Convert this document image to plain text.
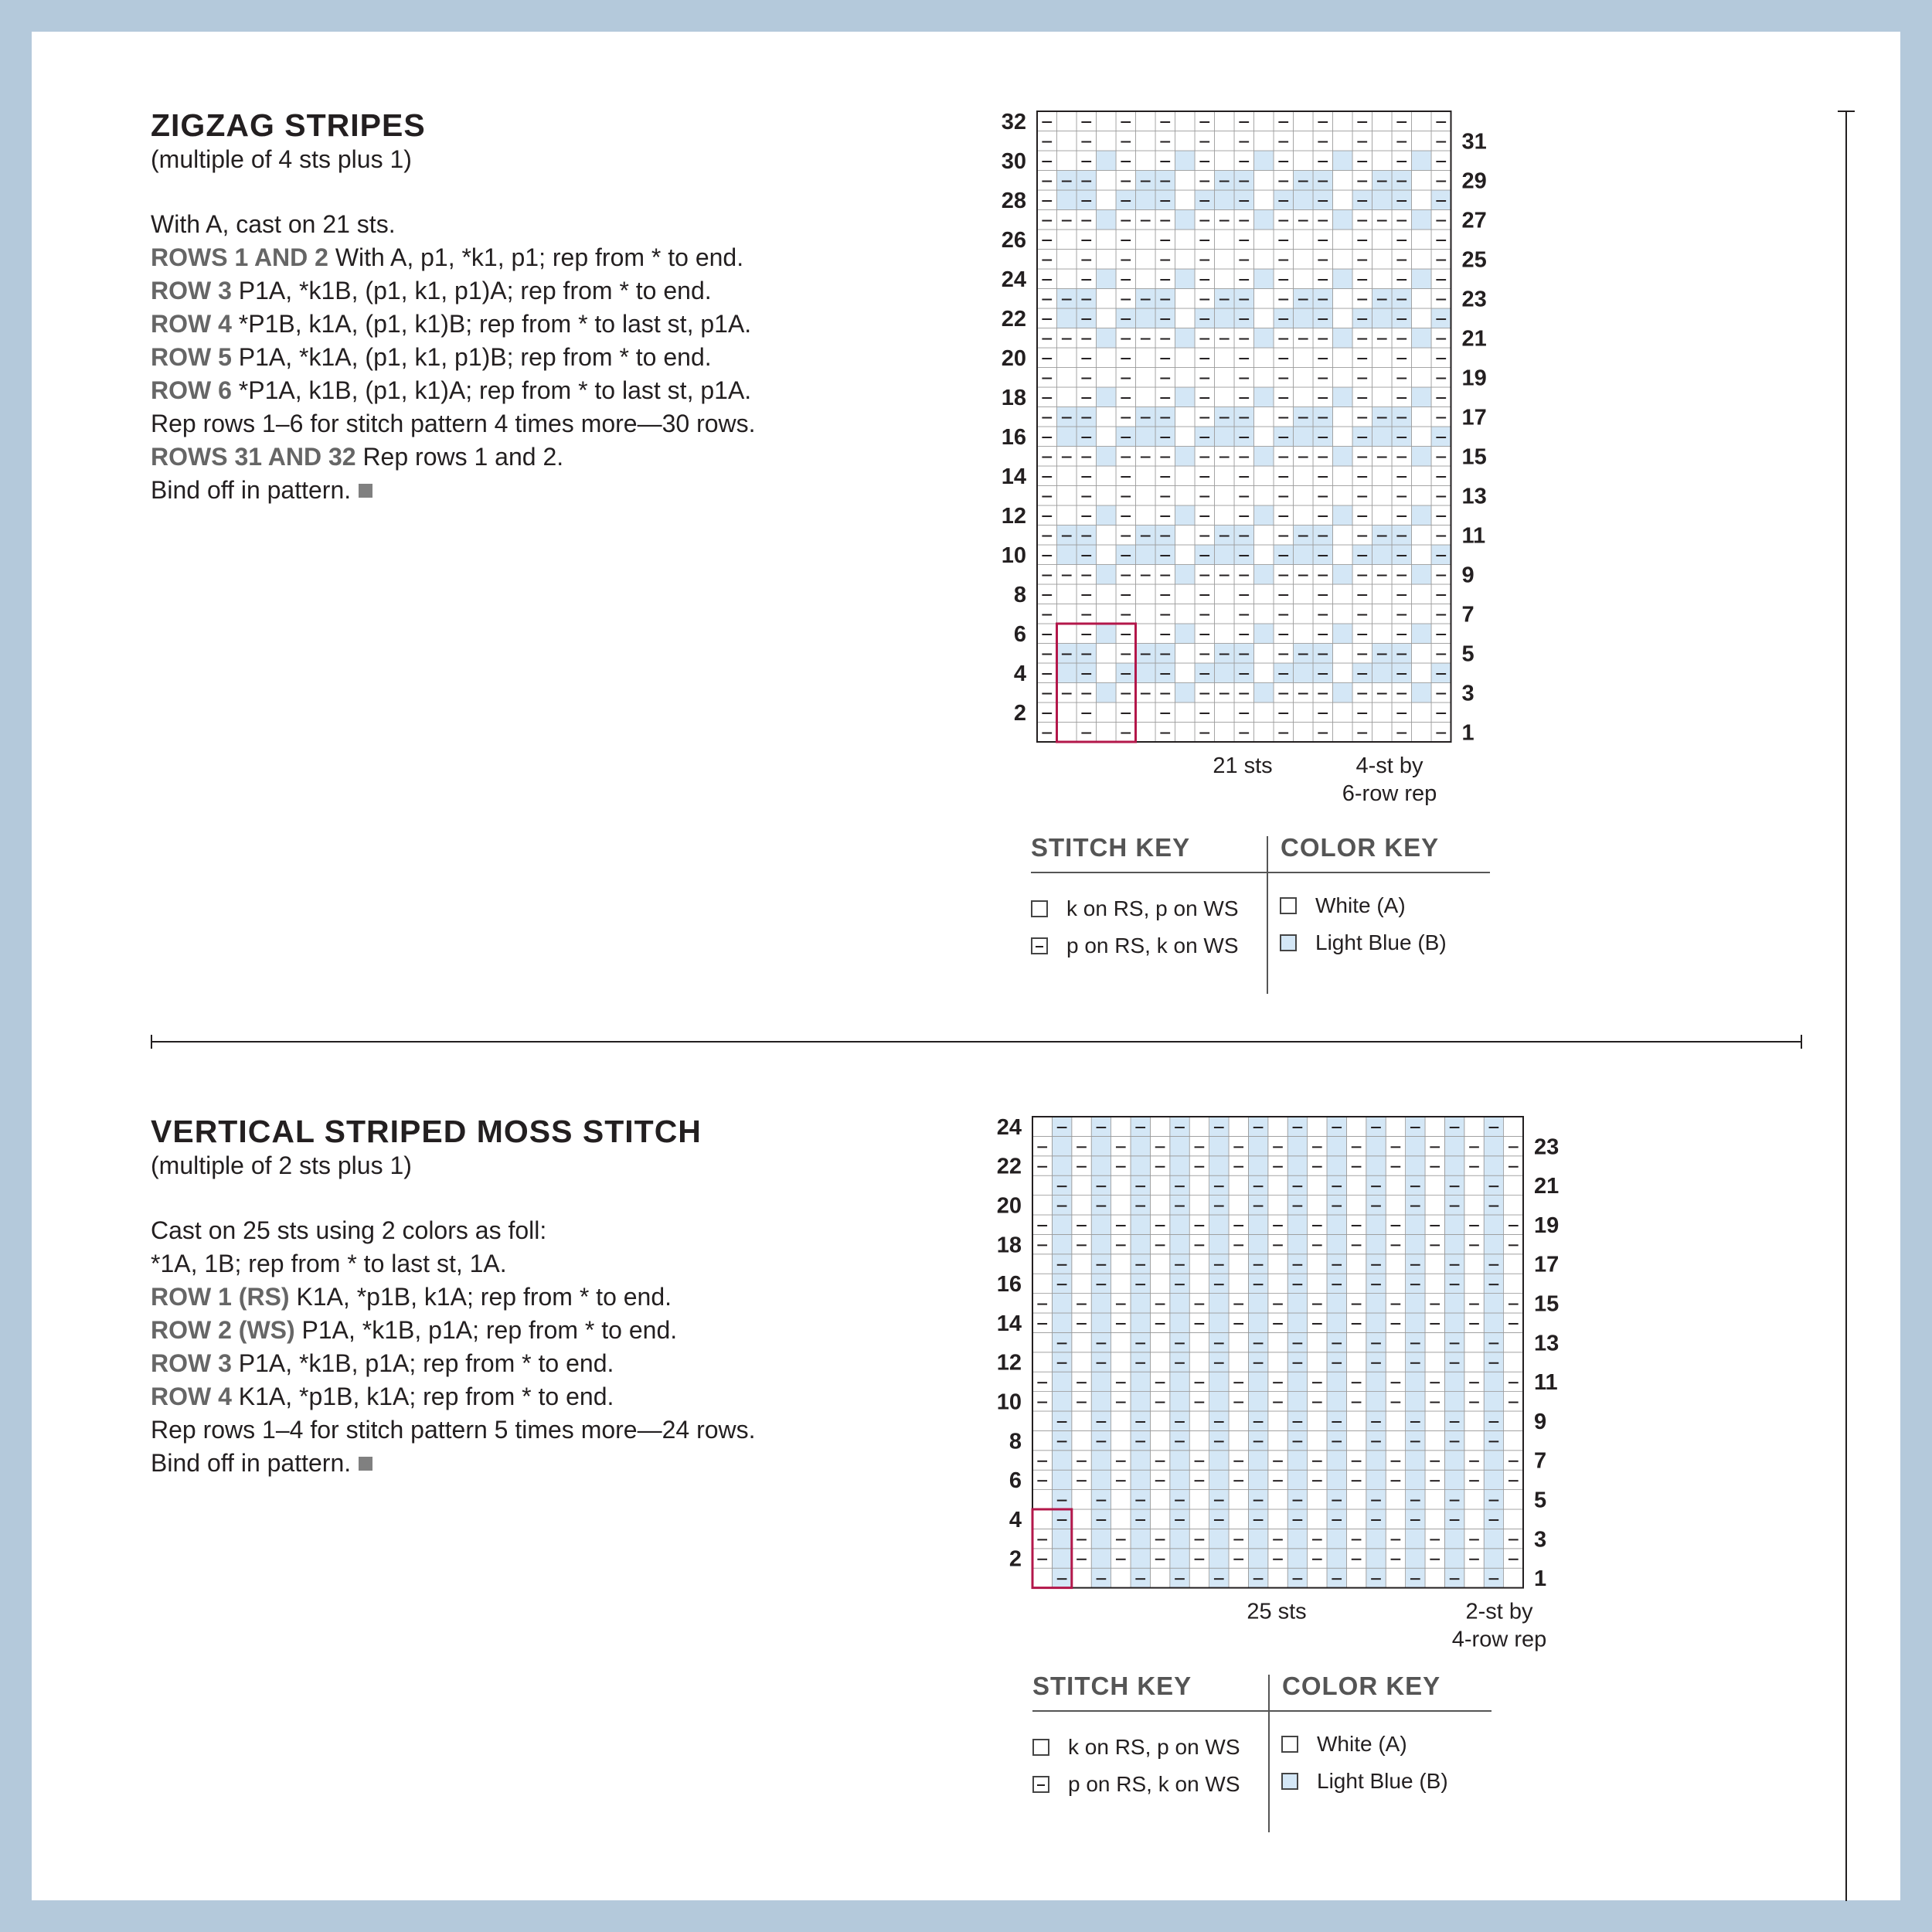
ZIGZAG STRIPES

(multiple of 4 sts plus 1)

With A, cast on 21 sts.
ROWS 1 AND 2 With A, p1, *k1, p1; rep from * to end.
ROW 3 P1A, *k1B, (p1, k1, p1)A; rep from * to end.
ROW 4 *P1B, k1A, (p1, k1)B; rep from * to last st, p1A.
ROW 5 P1A, *k1A, (p1, k1, p1)B; rep from * to end.
ROW 6 *P1A, k1B, (p1, k1)A; rep from * to last st, p1A.
Rep rows 1–6 for stitch pattern 4 times more—30 rows.
ROWS 31 AND 32 Rep rows 1 and 2.
Bind off in pattern.
32
30
28
26
24
22
20
18
16
14
12
10
8
6
4
2
31
29
27
25
23
21
19
17
15
13
11
9
7
5
3
1
21 sts	4-st by
6-row rep
STITCH KEY	COLOR KEY
k on RS, p on WS
p on RS, k on WS
White (A)
Light Blue (B)
VERTICAL STRIPED MOSS STITCH

(multiple of 2 sts plus 1)

Cast on 25 sts using 2 colors as foll:
*1A, 1B; rep from * to last st, 1A.
ROW 1 (RS) K1A, *p1B, k1A; rep from * to end.
ROW 2 (WS) P1A, *k1B, p1A; rep from * to end.
ROW 3 P1A, *k1B, p1A; rep from * to end.
ROW 4 K1A, *p1B, k1A; rep from * to end.
Rep rows 1–4 for stitch pattern 5 times more—24 rows.
Bind off in pattern.
24
22
20
18
16
14
12
10
8
6
4
2
23
21
19
17
15
13
11
9
7
5
3
1
25 sts	2-st by
4-row rep
STITCH KEY	COLOR KEY
k on RS, p on WS
p on RS, k on WS
White (A)
Light Blue (B)
